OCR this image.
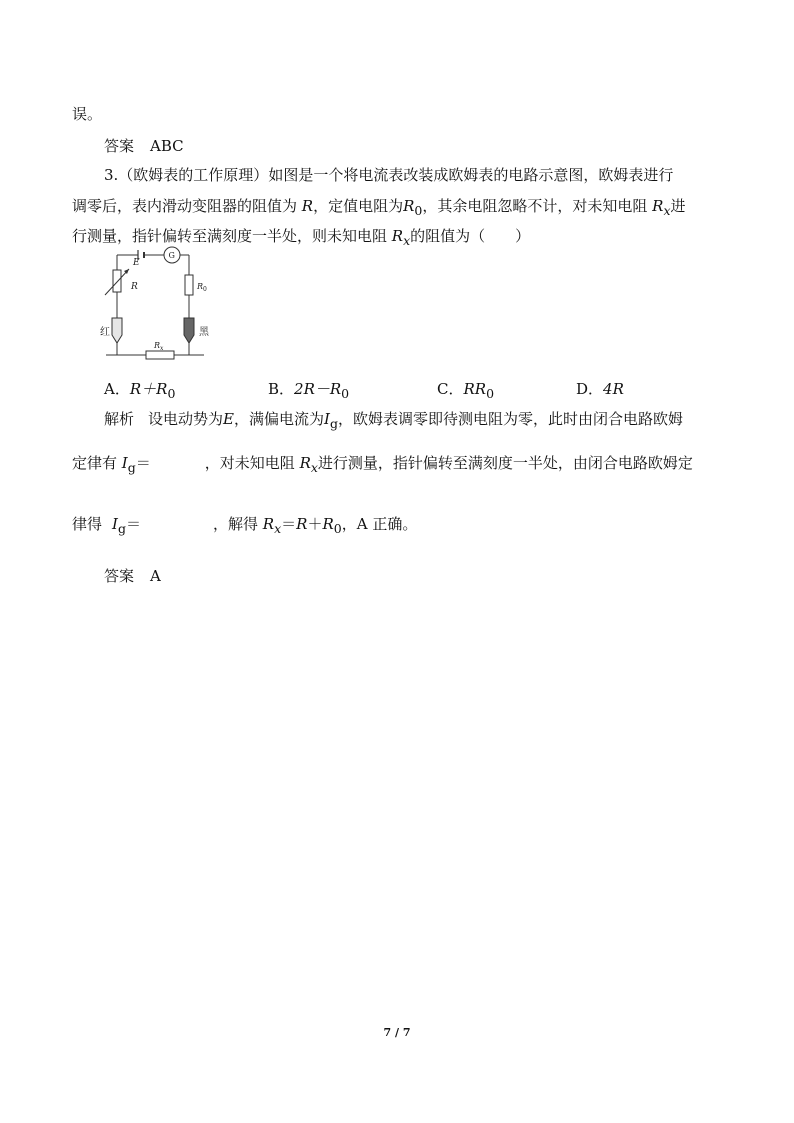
误。
答案 ABC
3.（欧姆表的工作原理）如图是一个将电流表改装成欧姆表的电路示意图，欧姆表进行
调零后，表内滑动变阻器的阻值为 R，定值电阻为$R_0$，其余电阻忽略不计，对未知电阻 $R_x$进
行测量，指针偏转至满刻度一半处，则未知电阻 $R_x$的阻值为（　　）
E
G
R	$R_0$
$R_x$
红	黑
A．$R+R_0$	B．$2R-R_0$	C．$RR_0$	D．4R
解析 设电动势为E，满偏电流为$I_g$，欧姆表调零即待测电阻为零，此时由闭合电路欧姆
定律有 $I_g=$	，对未知电阻 $R_x$进行测量，指针偏转至满刻度一半处，由闭合电路欧姆定
律得 $I_g=$	，解得 $R_x=R+R_0$，A 正确。
答案 A
7 / 7
